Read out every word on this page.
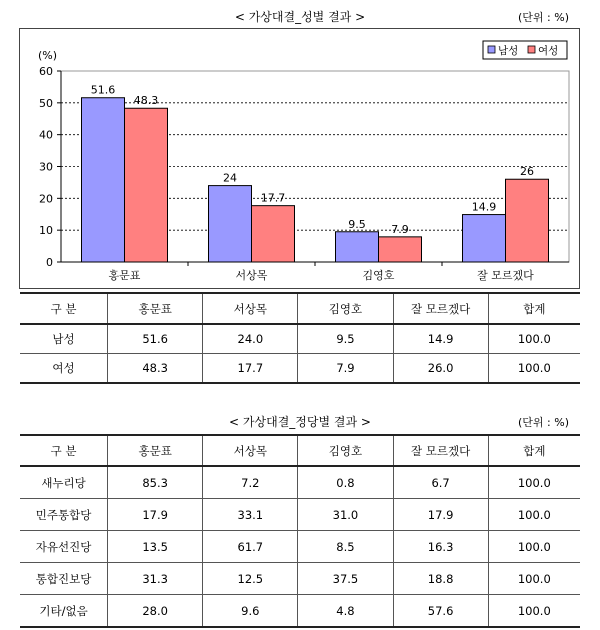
< 가상대결_성별 결과 >	(단위 : %)
0
10
20
30
40
50
60
(%)
51.6
48.3
홍문표
24
17.7
서상목
9.5 7.9
김영호
14.9
26
잘 모르겠다
남성 여성
구 분	홍문표	서상목	김영호	잘 모르겠다	합계
남성	51.6	24.0	9.5	14.9	100.0
여성	48.3	17.7	7.9	26.0	100.0
< 가상대결_정당별 결과 >	(단위 : %)
구 분	홍문표	서상목	김영호	잘 모르겠다	합계
새누리당	85.3	7.2	0.8	6.7	100.0
민주통합당	17.9	33.1	31.0	17.9	100.0
자유선진당	13.5	61.7	8.5	16.3	100.0
통합진보당	31.3	12.5	37.5	18.8	100.0
기타/없음	28.0	9.6	4.8	57.6	100.0
